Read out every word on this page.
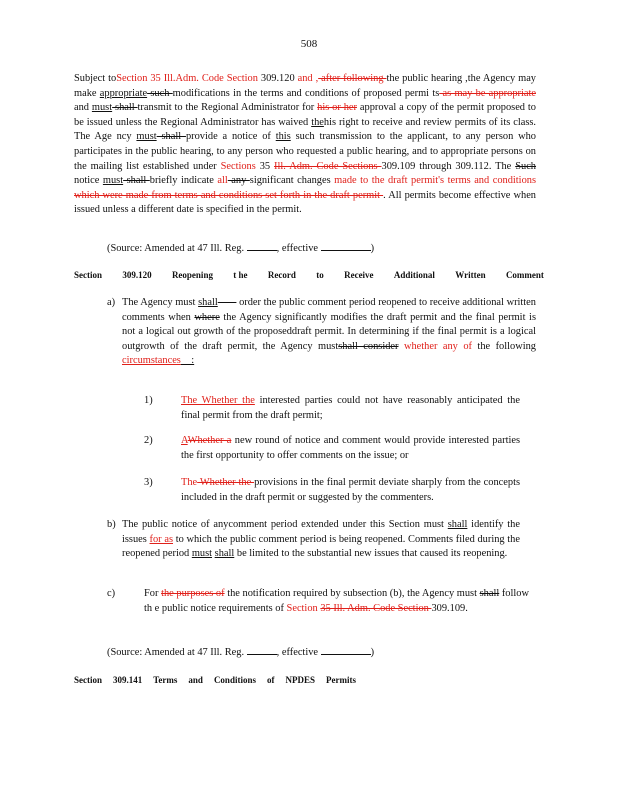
508
Subject toSection 35 Ill.Adm. Code Section 309.120 and , after following the public hearing ,the Agency may make appropriate such modifications in the terms and conditions of proposed permi ts as may be appropriate and must shall transmit to the Regional Administrator for his or her approval a copy of the permit proposed to be issued unless the Regional Administrator has waived thehis right to receive and review permits of its class. The Age ncy must shall provide a notice of this such transmission to the applicant, to any person who participates in the public hearing, to any person who requested a public hearing, and to appropriate persons on the mailing list established under Sections 35 Ill. Adm. Code Sections 309.109 through 309.112. The Such notice must shall briefly indicate all any significant changes made to the draft permit's terms and conditions which were made from terms and conditions set forth in the draft permit . All permits become effective when issued unless a different date is specified in the permit.
(Source: Amended at 47 Ill. Reg.	, effective	)
Section 309.120 Reopening t he Record to Receive Additional Written Comment
a) The Agency must shall        order the public comment period reopened to receive additional written comments when where the Agency significantly modifies the draft permit and the final permit is not a logical out growth of the proposeddraft permit. In determining if the final permit is a logical outgrowth of the draft permit, the Agency mustshall consider whether any of the following circumstances    :
1)	The Whether the interested parties could not have reasonably anticipated the final permit from the draft permit;
2)	AWhether a new round of notice and comment would provide interested parties the first opportunity to offer comments on the issue; or
3)	The Whether the provisions in the final permit deviate sharply from the concepts included in the draft permit or suggested by the commenters.
b) The public notice of anycomment period extended under this Section must shall identify the issues for as to which the public comment period is being reopened. Comments filed during the reopened period must shall be limited to the substantial new issues that caused its reopening.
c)	For the purposes of the notification required by subsection (b), the Agency must shall follow th e public notice requirements of Section 35 Ill. Adm. Code Section 309.109.
(Source: Amended at 47 Ill. Reg.	, effective	)
Section 309.141 Terms and Conditions of NPDES Permits
